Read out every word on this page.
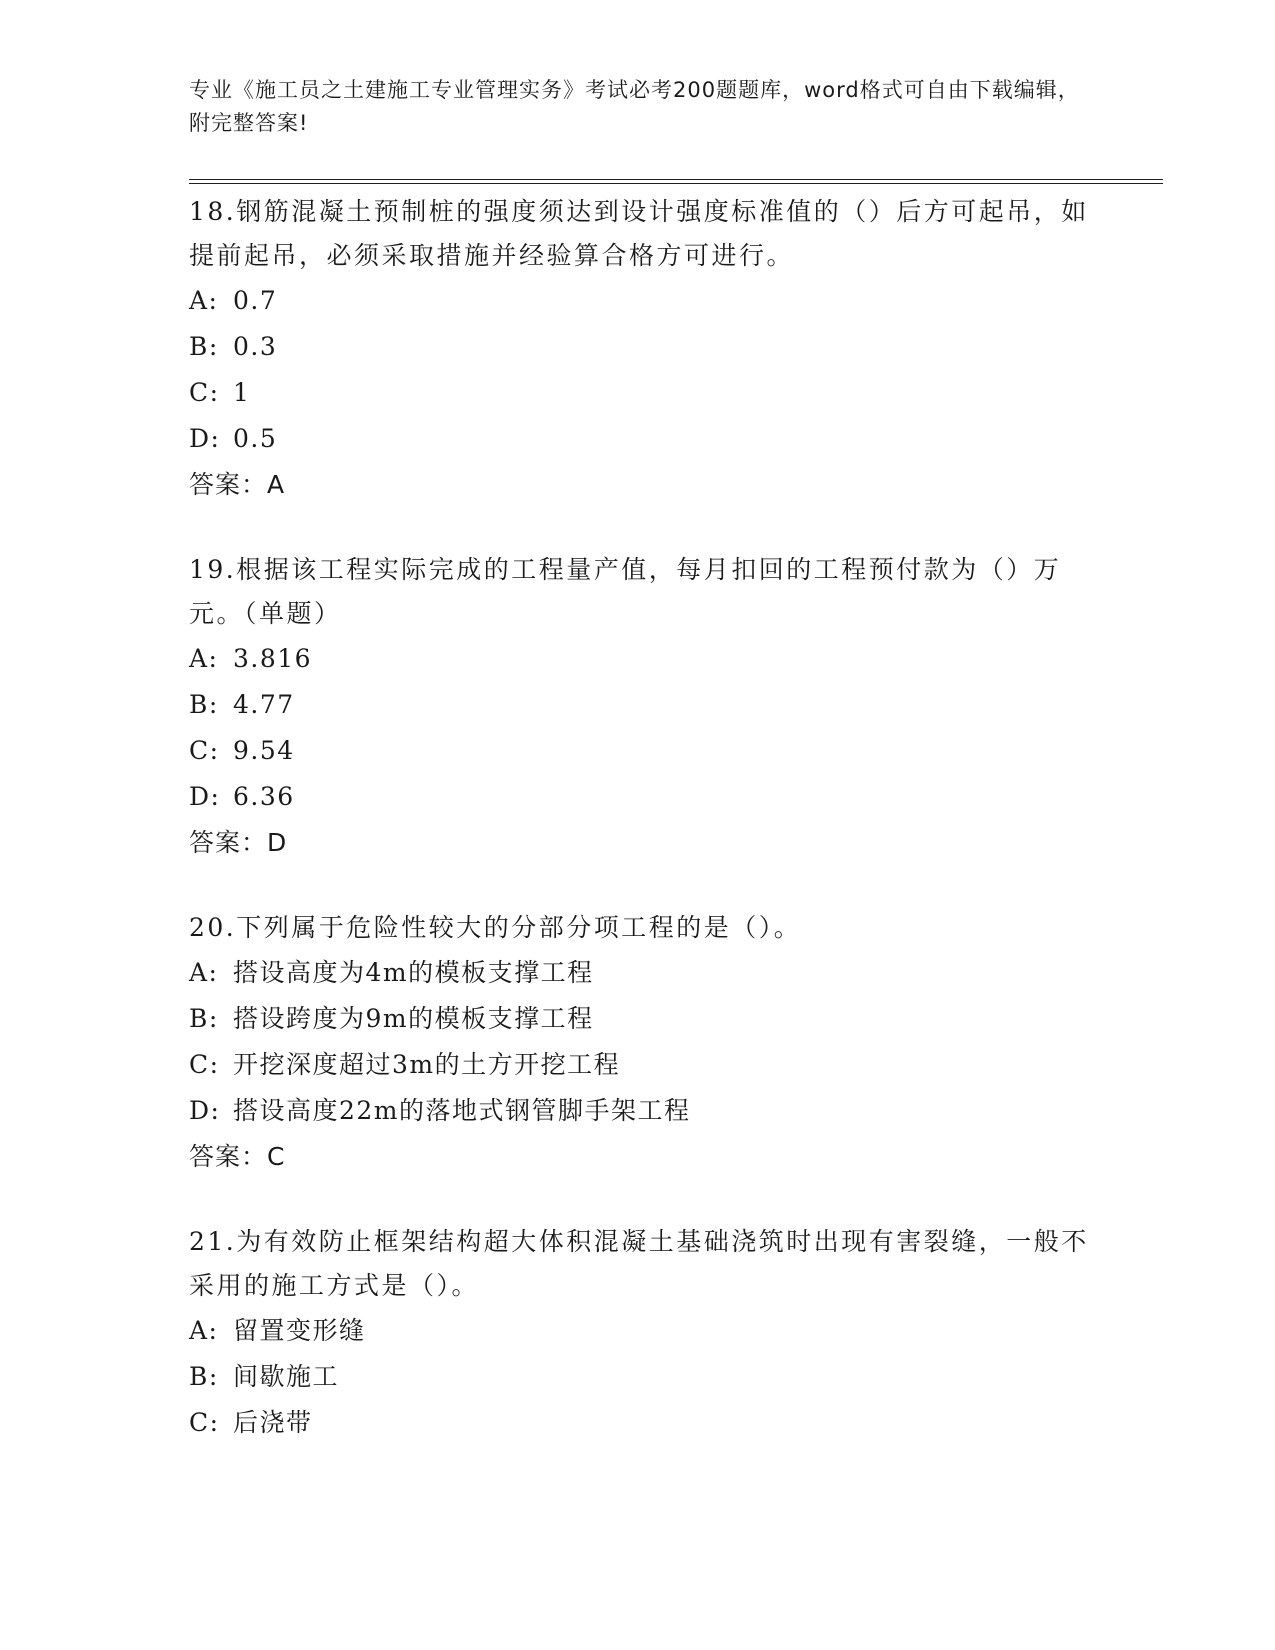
专业《施工员之土建施工专业管理实务》考试必考200题题库，word格式可自由下载编辑，附完整答案!

18.钢筋混凝土预制桩的强度须达到设计强度标准值的（）后方可起吊，如提前起吊，必须采取措施并经验算合格方可进行。

A: 0.7

B: 0.3

C: 1

D: 0.5

答案：A

19.根据该工程实际完成的工程量产值，每月扣回的工程预付款为（）万元。（单题）

A: 3.816

B: 4.77

C: 9.54

D: 6.36

答案：D

20.下列属于危险性较大的分部分项工程的是（）。

A: 搭设高度为4m的模板支撑工程

B: 搭设跨度为9m的模板支撑工程

C: 开挖深度超过3m的土方开挖工程

D: 搭设高度22m的落地式钢管脚手架工程

答案：C

21.为有效防止框架结构超大体积混凝土基础浇筑时出现有害裂缝，一般不采用的施工方式是（）。

A: 留置变形缝

B: 间歇施工

C: 后浇带
